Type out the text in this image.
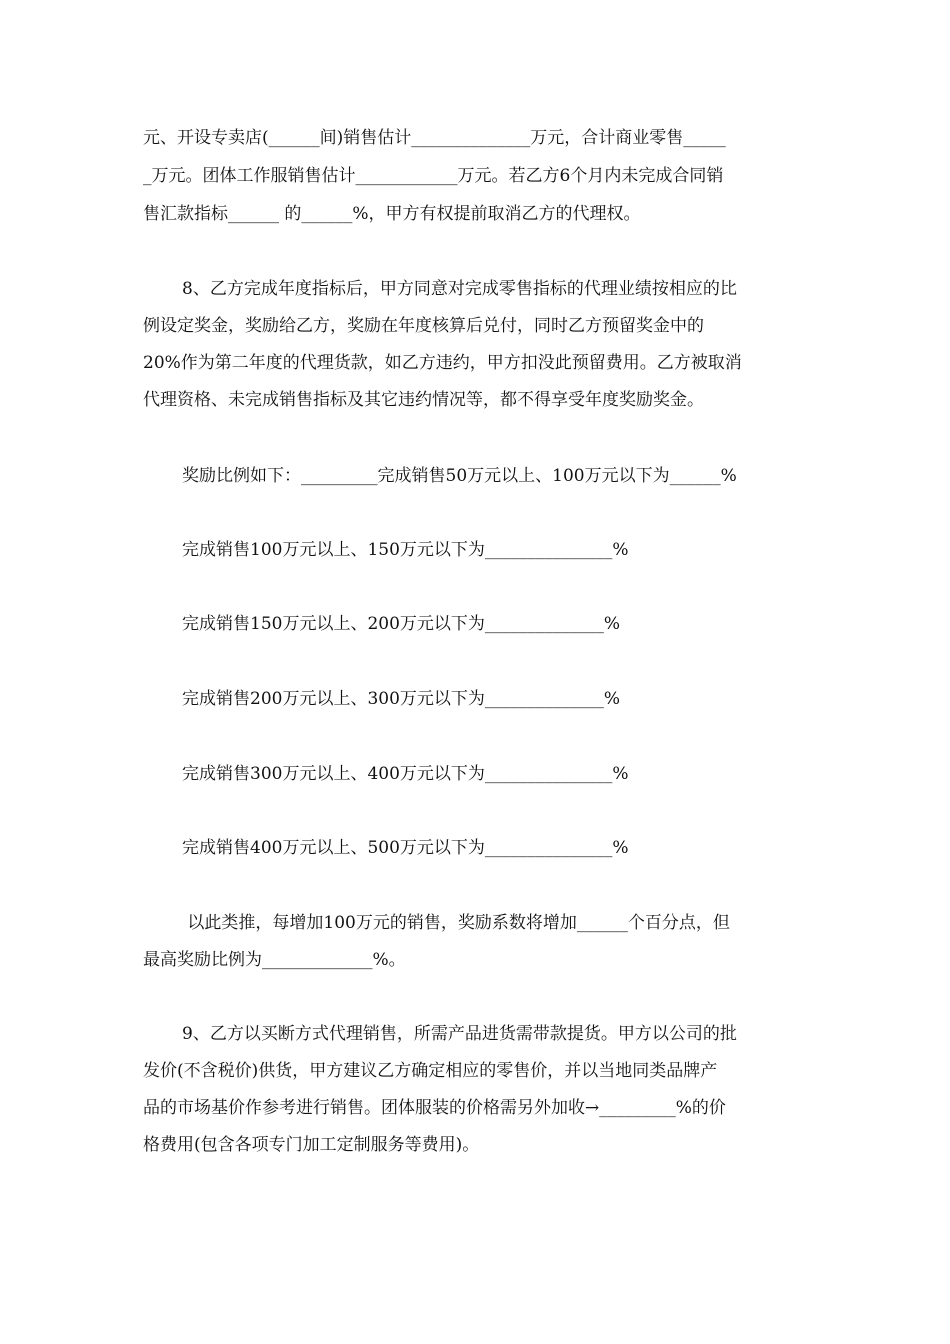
元、开设专卖店(______间)销售估计______________万元，合计商业零售_____
_万元。团体工作服销售估计____________万元。若乙方6个月内未完成合同销
售汇款指标______ 的______%，甲方有权提前取消乙方的代理权。
8、乙方完成年度指标后，甲方同意对完成零售指标的代理业绩按相应的比
例设定奖金，奖励给乙方，奖励在年度核算后兑付，同时乙方预留奖金中的
20%作为第二年度的代理货款，如乙方违约，甲方扣没此预留费用。乙方被取消
代理资格、未完成销售指标及其它违约情况等，都不得享受年度奖励奖金。
奖励比例如下：_________完成销售50万元以上、100万元以下为______%
完成销售100万元以上、150万元以下为_______________%
完成销售150万元以上、200万元以下为______________%
完成销售200万元以上、300万元以下为______________%
完成销售300万元以上、400万元以下为_______________%
完成销售400万元以上、500万元以下为_______________%
以此类推，每增加100万元的销售，奖励系数将增加______个百分点，但
最高奖励比例为_____________%。
9、乙方以买断方式代理销售，所需产品进货需带款提货。甲方以公司的批
发价(不含税价)供货，甲方建议乙方确定相应的零售价，并以当地同类品牌产
品的市场基价作参考进行销售。团体服装的价格需另外加收→_________%的价
格费用(包含各项专门加工定制服务等费用)。
